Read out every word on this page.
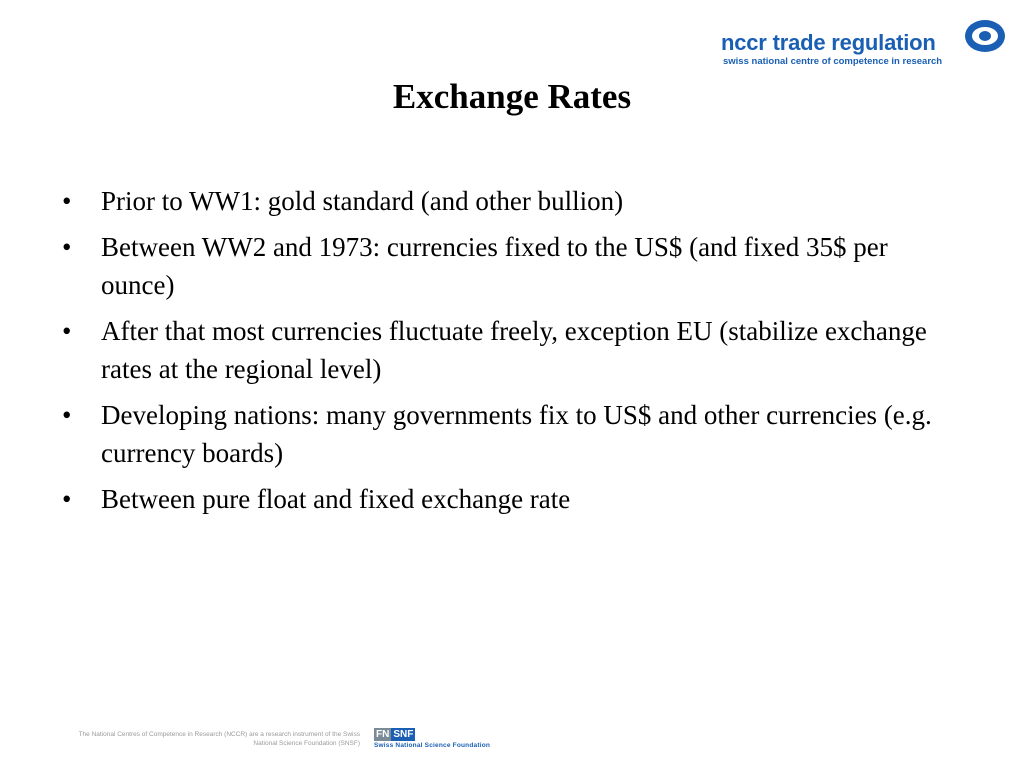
nccr trade regulation
swiss national centre of competence in research
Exchange Rates
• Prior to WW1: gold standard (and other bullion)
• Between WW2 and 1973: currencies fixed to the US$ (and fixed 35$ per ounce)
• After that most currencies fluctuate freely, exception EU (stabilize exchange rates at the regional level)
• Developing nations: many governments fix to US$ and other currencies (e.g. currency boards)
• Between pure float and fixed exchange rate
The National Centres of Competence in Research (NCCR) are a research instrument of the Swiss National Science Foundation (SNSF)
FN SNF
Swiss National Science Foundation
